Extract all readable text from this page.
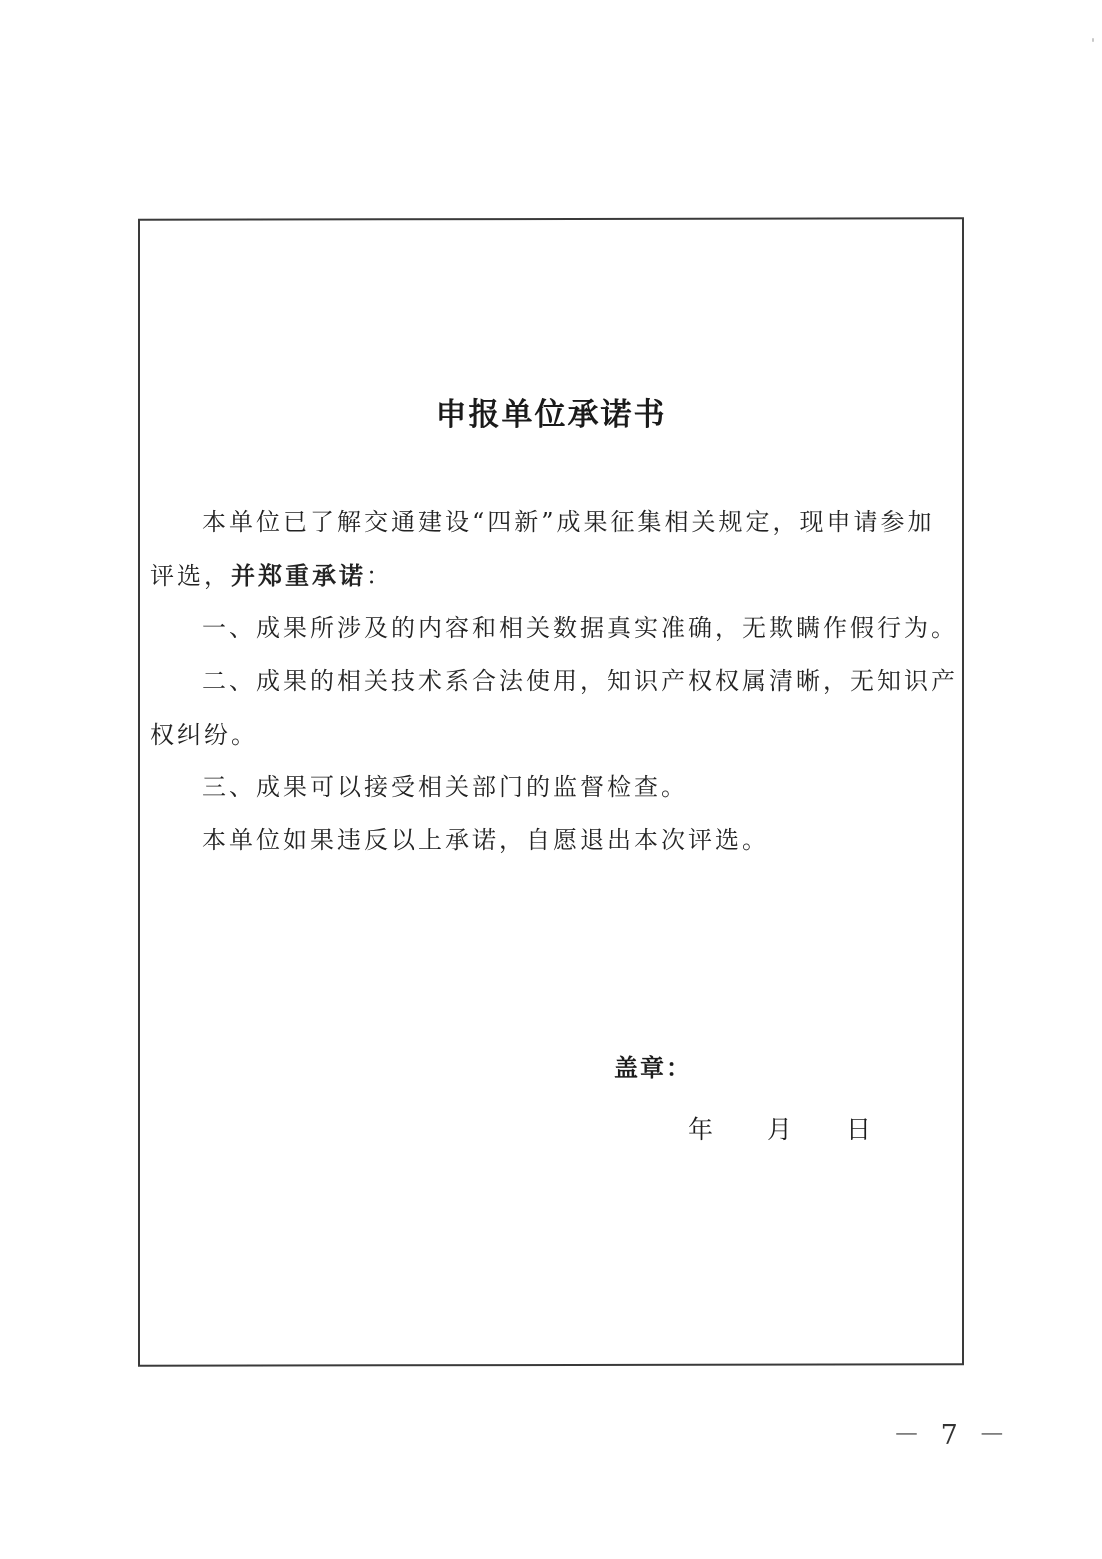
申报单位承诺书

本单位已了解交通建设“四新”成果征集相关规定，现申请参加评选，并郑重承诺：

一、成果所涉及的内容和相关数据真实准确，无欺瞒作假行为。

二、成果的相关技术系合法使用，知识产权权属清晰，无知识产权纠纷。

三、成果可以接受相关部门的监督检查。

本单位如果违反以上承诺，自愿退出本次评选。

盖章：

年 月 日

－ 7 －
